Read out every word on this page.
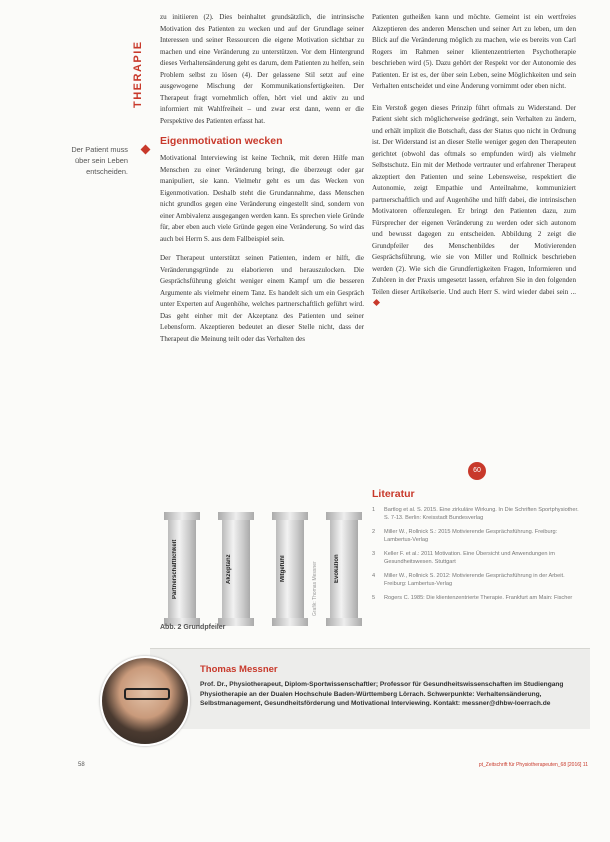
THERAPIE
Der Patient muss über sein Leben entscheiden.

zu initiieren (2). Dies beinhaltet grundsätzlich, die intrinsische Motivation des Patienten zu wecken und auf der Grundlage seiner Interessen und seiner Ressourcen die eigene Motivation sichtbar zu machen und eine Veränderung zu unterstützen. Vor dem Hintergrund dieses Verhaltensänderung geht es darum, dem Patienten zu helfen, sein Problem selbst zu lösen (4). Der gelassene Stil setzt auf eine ausgewogene Mischung der Kommunikationsfertigkeiten. Der Therapeut fragt vornehmlich offen, hört viel und aktiv zu und informiert mit Wahlfreiheit – und zwar erst dann, wenn er die Perspektive des Patienten erfasst hat.

Eigenmotivation wecken

Motivational Interviewing ist keine Technik, mit deren Hilfe man Menschen zu einer Veränderung bringt, die überzeugt oder gar manipuliert, sie kann. Vielmehr geht es um das Wecken von Eigenmotivation. Deshalb steht die Grundannahme, dass Menschen nicht grundlos gegen eine Veränderung eingestellt sind, sondern von einer Ambivalenz ausgegangen werden kann. Es sprechen viele Gründe für, aber eben auch viele Gründe gegen eine Veränderung. So wird das auch bei Herrn S. aus dem Fallbeispiel sein.

Der Therapeut unterstützt seinen Patienten, indem er hilft, die Veränderungsgründe zu elaborieren und herauszulocken. Die Gesprächsführung gleicht weniger einem Kampf um die besseren Argumente als vielmehr einem Tanz. Es handelt sich um ein Gespräch unter Experten auf Augenhöhe, welches partnerschaftlich geführt wird. Das geht einher mit der Akzeptanz des Patienten und seiner Lebensform. Akzeptieren bedeutet an dieser Stelle nicht, dass der Therapeut die Meinung teilt oder das Verhalten des

Patienten gutheißen kann und möchte. Gemeint ist ein wertfreies Akzeptieren des anderen Menschen und seiner Art zu leben, um den Blick auf die Veränderung möglich zu machen, wie es bereits von Carl Rogers im Rahmen seiner klientenzentrierten Psychotherapie beschrieben wird (5). Dazu gehört der Respekt vor der Autonomie des Patienten. Er ist es, der über sein Leben, seine Möglichkeiten und sein Verhalten entscheidet und eine Änderung vornimmt oder eben nicht.

Ein Verstoß gegen dieses Prinzip führt oftmals zu Widerstand. Der Patient sieht sich möglicherweise gedrängt, sein Verhalten zu ändern, und erhält implizit die Botschaft, dass der Status quo nicht in Ordnung ist. Der Widerstand ist an dieser Stelle weniger gegen den Therapeuten gerichtet (obwohl das oftmals so empfunden wird) als vielmehr Selbstschutz. Ein mit der Methode vertrauter und erfahrener Therapeut akzeptiert den Patienten und seine Lebensweise, respektiert die Autonomie, zeigt Empathie und Anteilnahme, kommuniziert partnerschaftlich und auf Augenhöhe und hilft dabei, die intrinsischen Motivatoren offenzulegen. Er bringt den Patienten dazu, zum Fürsprecher der eigenen Veränderung zu werden oder sich autonom und bewusst dagegen zu entscheiden. Abbildung 2 zeigt die Grundpfeiler des Menschenbildes der Motivierenden Gesprächsführung, wie sie von Miller und Rollnick beschrieben werden (2). Wie sich die Grundfertigkeiten Fragen, Informieren und Zuhören in der Praxis umgesetzt lassen, erfahren Sie in den folgenden Teilen dieser Artikelserie. Und auch Herr S. wird wieder dabei sein ...

Partnerschaftlichkeit	Akzeptanz	Mitgefühl	Evokation
Grafik: Thomas Messner
Abb. 2 Grundpfeiler
60
Literatur
1	Bartlog et al. S. 2015. Eine zirkuläre Wirkung. In Die Schriften Sportphysiother. S. 7-13. Berlin: Kreisstadt Bundesverlag
2	Miller W., Rollnick S.: 2015 Motivierende Gesprächsführung. Freiburg: Lambertus-Verlag
3	Keller F. et al.: 2011 Motivation. Eine Übersicht und Anwendungen im Gesundheitswesen. Stuttgart
4	Miller W., Rollnick S. 2012: Motivierende Gesprächsführung in der Arbeit. Freiburg: Lambertus-Verlag
5	Rogers C. 1985: Die klientenzentrierte Therapie. Frankfurt am Main: Fischer
Thomas Messner
Prof. Dr., Physiotherapeut, Diplom-Sportwissenschaftler; Professor für Gesundheitswissenschaften im Studiengang Physiotherapie an der Dualen Hochschule Baden-Württemberg Lörrach. Schwerpunkte: Verhaltensänderung, Selbstmanagement, Gesundheitsförderung und Motivational Interviewing. Kontakt: messner@dhbw-loerrach.de
58	pt_Zeitschrift für Physiotherapeuten_68 [2016] 11
